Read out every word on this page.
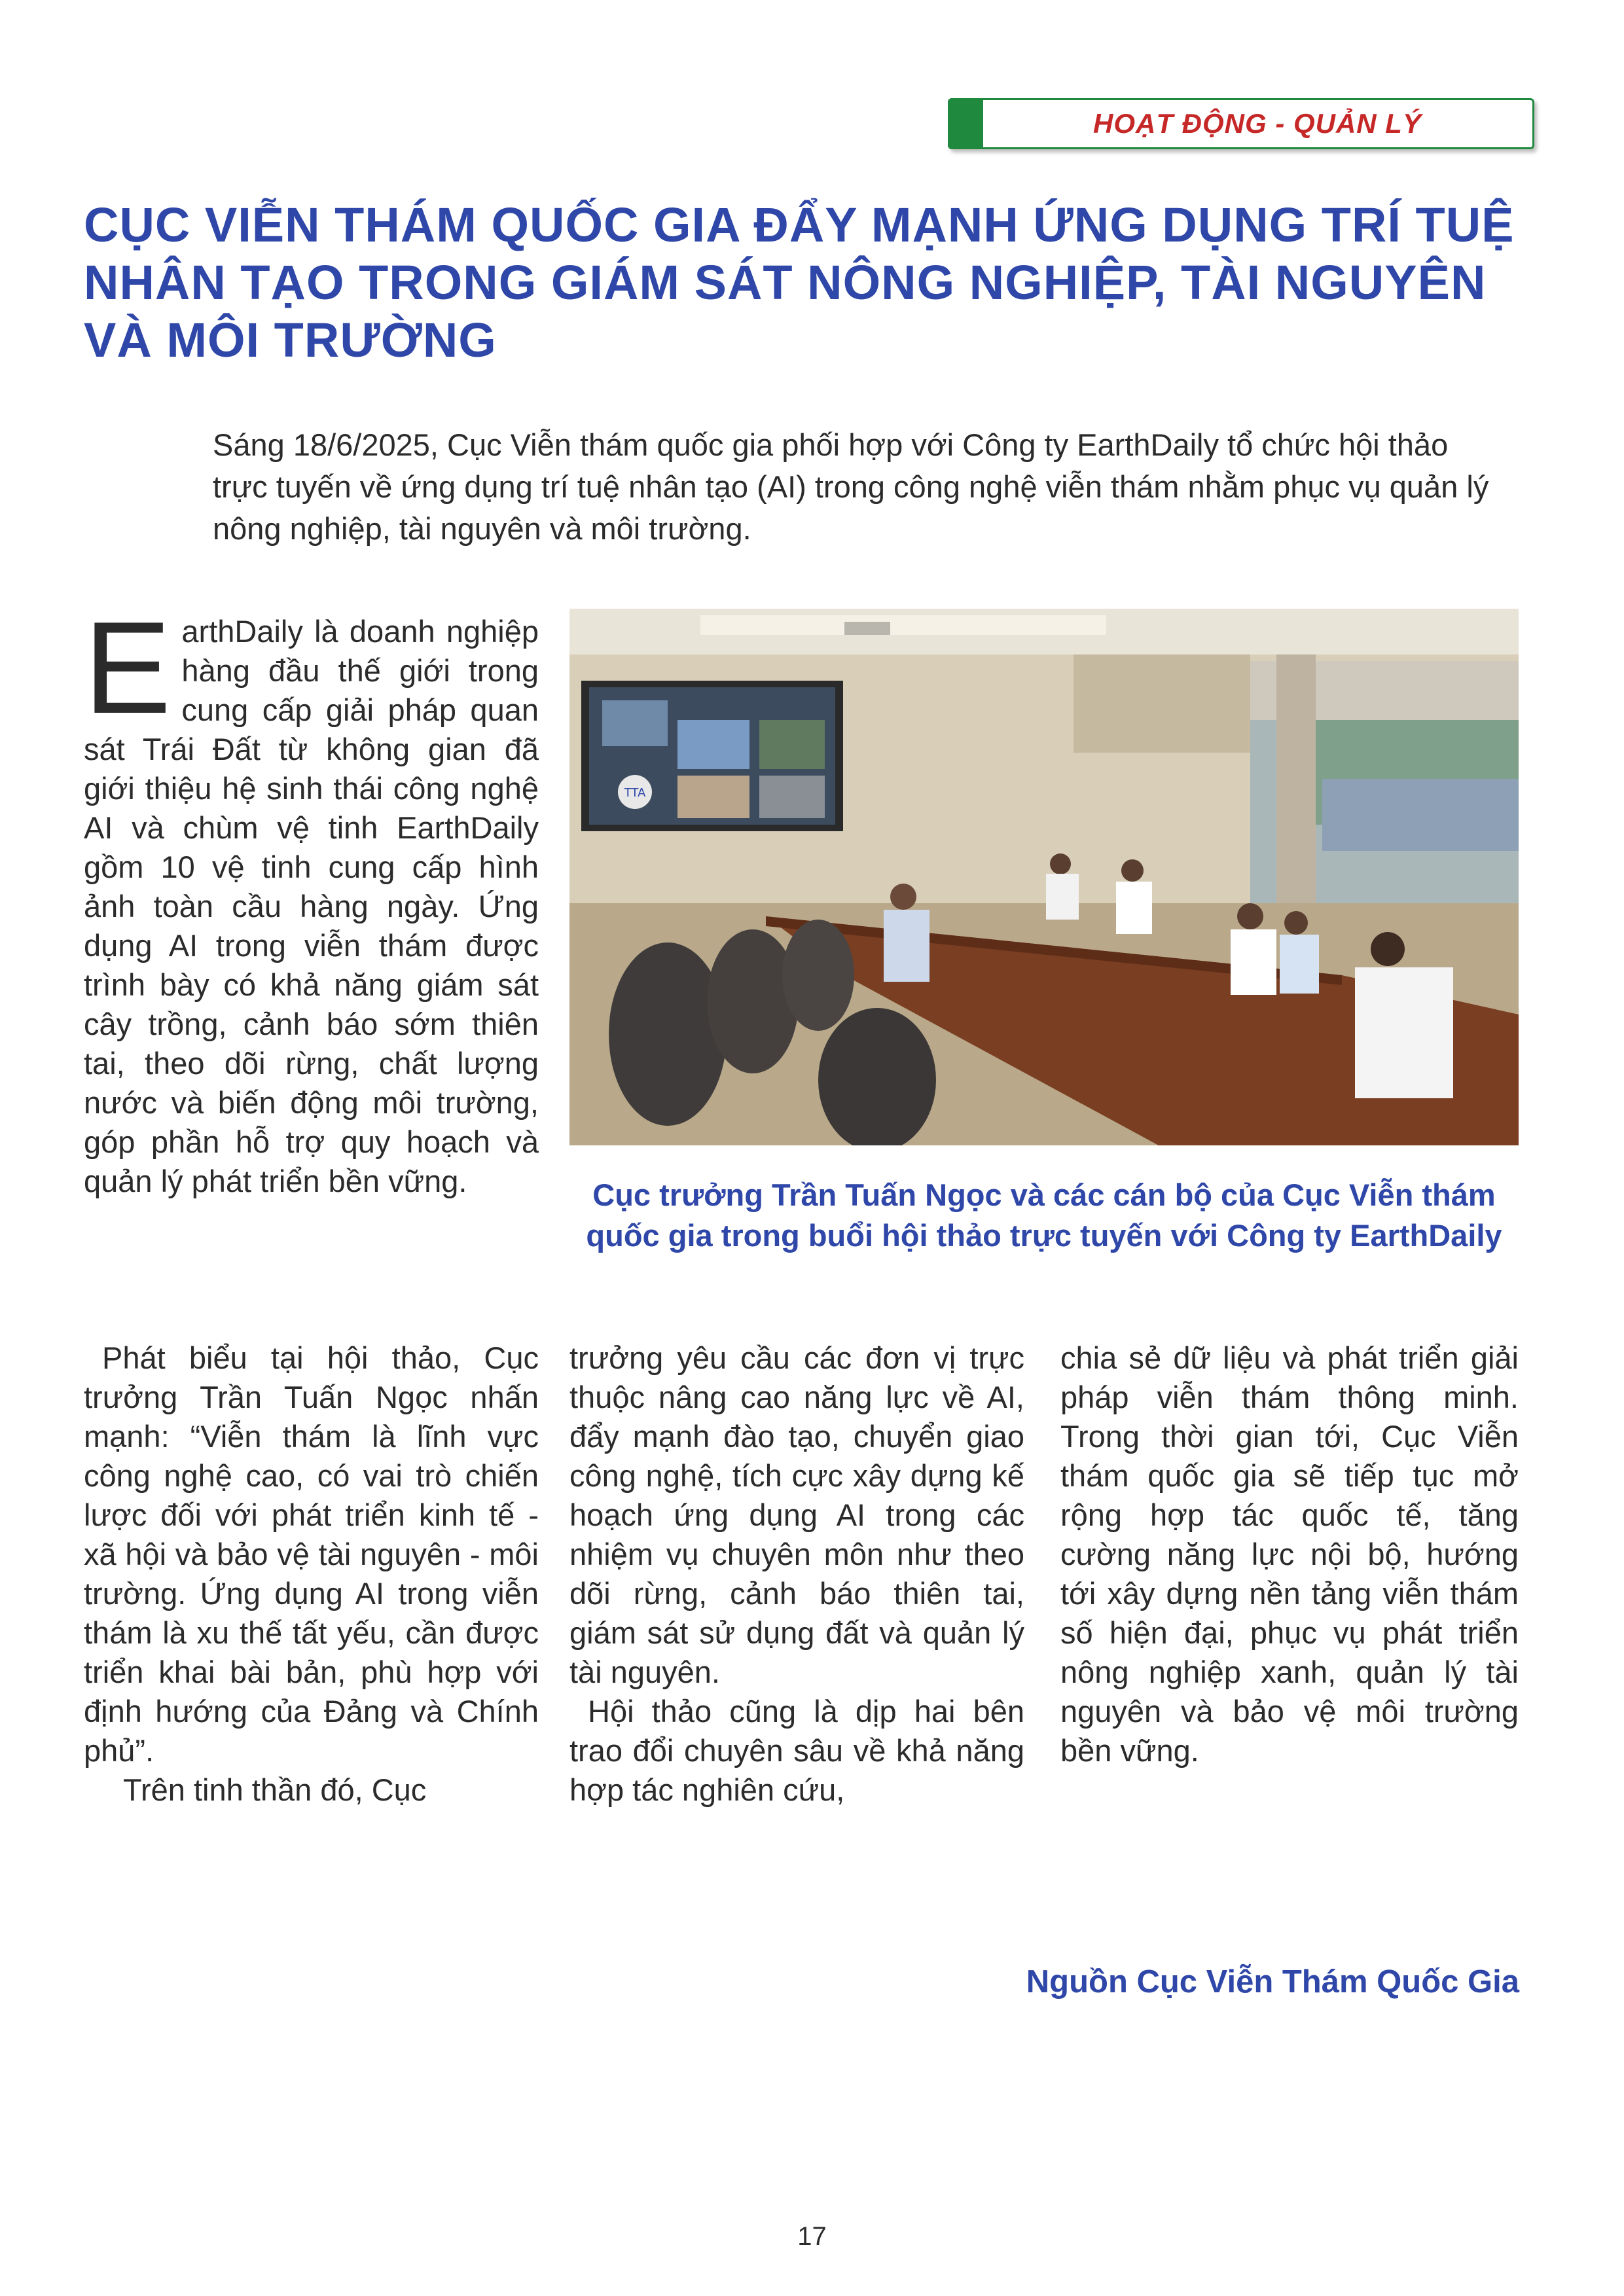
HOẠT ĐỘNG - QUẢN LÝ
CỤC VIỄN THÁM QUỐC GIA ĐẨY MẠNH ỨNG DỤNG TRÍ TUỆ NHÂN TẠO TRONG GIÁM SÁT NÔNG NGHIỆP, TÀI NGUYÊN VÀ MÔI TRƯỜNG
Sáng 18/6/2025, Cục Viễn thám quốc gia phối hợp với Công ty EarthDaily tổ chức hội thảo trực tuyến về ứng dụng trí tuệ nhân tạo (AI) trong công nghệ viễn thám nhằm phục vụ quản lý nông nghiệp, tài nguyên và môi trường.
EarthDaily là doanh nghiệp hàng đầu thế giới trong cung cấp giải pháp quan sát Trái Đất từ không gian đã giới thiệu hệ sinh thái công nghệ AI và chùm vệ tinh EarthDaily gồm 10 vệ tinh cung cấp hình ảnh toàn cầu hàng ngày. Ứng dụng AI trong viễn thám được trình bày có khả năng giám sát cây trồng, cảnh báo sớm thiên tai, theo dõi rừng, chất lượng nước và biến động môi trường, góp phần hỗ trợ quy hoạch và quản lý phát triển bền vững.
TTA
Cục trưởng Trần Tuấn Ngọc và các cán bộ của Cục Viễn thám quốc gia trong buổi hội thảo trực tuyến với Công ty EarthDaily

Phát biểu tại hội thảo, Cục trưởng Trần Tuấn Ngọc nhấn mạnh: “Viễn thám là lĩnh vực công nghệ cao, có vai trò chiến lược đối với phát triển kinh tế - xã hội và bảo vệ tài nguyên - môi trường. Ứng dụng AI trong viễn thám là xu thế tất yếu, cần được triển khai bài bản, phù hợp với định hướng của Đảng và Chính phủ”.

Trên tinh thần đó, Cục

trưởng yêu cầu các đơn vị trực thuộc nâng cao năng lực về AI, đẩy mạnh đào tạo, chuyển giao công nghệ, tích cực xây dựng kế hoạch ứng dụng AI trong các nhiệm vụ chuyên môn như theo dõi rừng, cảnh báo thiên tai, giám sát sử dụng đất và quản lý tài nguyên.

Hội thảo cũng là dịp hai bên trao đổi chuyên sâu về khả năng hợp tác nghiên cứu,

chia sẻ dữ liệu và phát triển giải pháp viễn thám thông minh. Trong thời gian tới, Cục Viễn thám quốc gia sẽ tiếp tục mở rộng hợp tác quốc tế, tăng cường năng lực nội bộ, hướng tới xây dựng nền tảng viễn thám số hiện đại, phục vụ phát triển nông nghiệp xanh, quản lý tài nguyên và bảo vệ môi trường bền vững.

Nguồn Cục Viễn Thám Quốc Gia
17
